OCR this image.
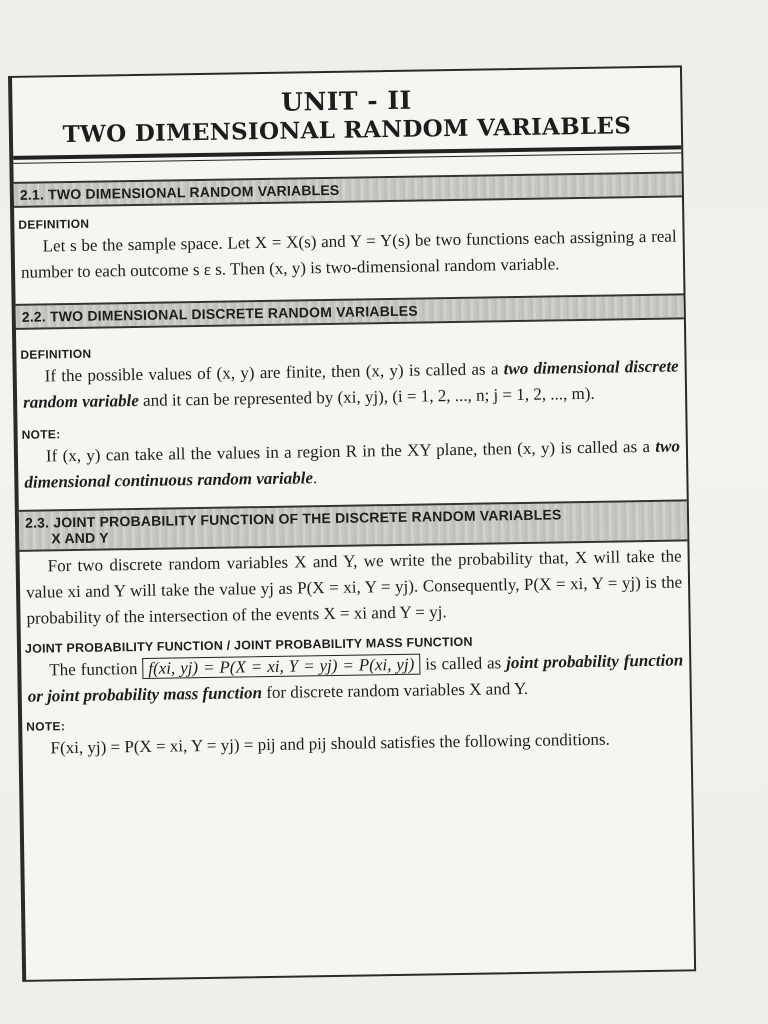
UNIT - II
TWO DIMENSIONAL RANDOM VARIABLES
2.1. TWO DIMENSIONAL RANDOM VARIABLES
DEFINITION

Let s be the sample space. Let X = X(s) and Y = Y(s) be two functions each assigning a real number to each outcome s ε s. Then (x, y) is two-dimensional random variable.

2.2. TWO DIMENSIONAL DISCRETE RANDOM VARIABLES
DEFINITION

If the possible values of (x, y) are finite, then (x, y) is called as a two dimensional discrete random variable and it can be represented by (xi, yj), (i = 1, 2, ..., n; j = 1, 2, ..., m).

NOTE:

If (x, y) can take all the values in a region R in the XY plane, then (x, y) is called as a two dimensional continuous random variable.

2.3. JOINT PROBABILITY FUNCTION OF THE DISCRETE RANDOM VARIABLES
X AND Y

For two discrete random variables X and Y, we write the probability that, X will take the value xi and Y will take the value yj as P(X = xi, Y = yj). Consequently, P(X = xi, Y = yj) is the probability of the intersection of the events X = xi and Y = yj.

JOINT PROBABILITY FUNCTION / JOINT PROBABILITY MASS FUNCTION

The function f(xi, yj) = P(X = xi, Y = yj) = P(xi, yj) is called as joint probability function or joint probability mass function for discrete random variables X and Y.

NOTE:

F(xi, yj) = P(X = xi, Y = yj) = pij and pij should satisfies the following conditions.
